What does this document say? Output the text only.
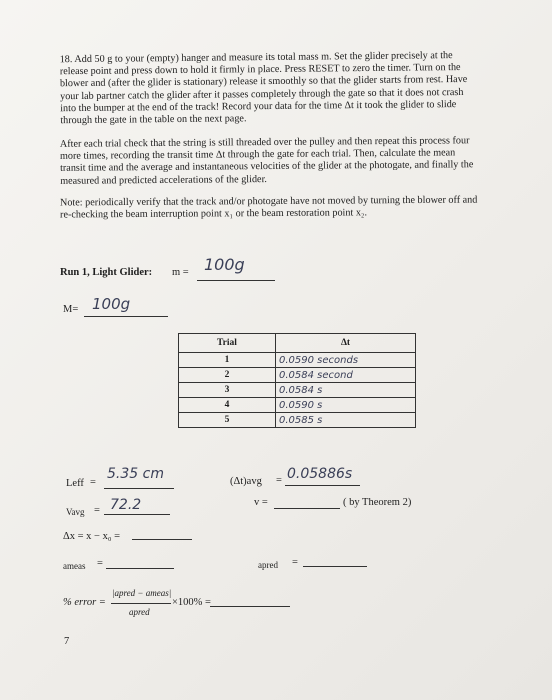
18. Add 50 g to your (empty) hanger and measure its total mass m. Set the glider precisely at the release point and press down to hold it firmly in place. Press RESET to zero the timer. Turn on the blower and (after the glider is stationary) release it smoothly so that the glider starts from rest. Have your lab partner catch the glider after it passes completely through the gate so that it does not crash into the bumper at the end of the track! Record your data for the time Δt it took the glider to slide through the gate in the table on the next page.
After each trial check that the string is still threaded over the pulley and then repeat this process four more times, recording the transit time Δt through the gate for each trial. Then, calculate the mean transit time and the average and instantaneous velocities of the glider at the photogate, and finally the measured and predicted accelerations of the glider.
Note: periodically verify that the track and/or photogate have not moved by turning the blower off and re-checking the beam interruption point x₁ or the beam restoration point x₂.
Run 1, Light Glider: m = 100g
M= 100g
Trial	Δt
1	0.0590 seconds
2	0.0584 second
3	0.0584 s
4	0.0590 s
5	0.0585 s
Leff =
5.35 cm	(Δt)avg = 0.05886s
Vavg = 72.2	v =	( by Theorem 2)
Δx = x − x₀ =
ameas =	apred =
% error =
|apred − ameas|
apred
×100% =
7
